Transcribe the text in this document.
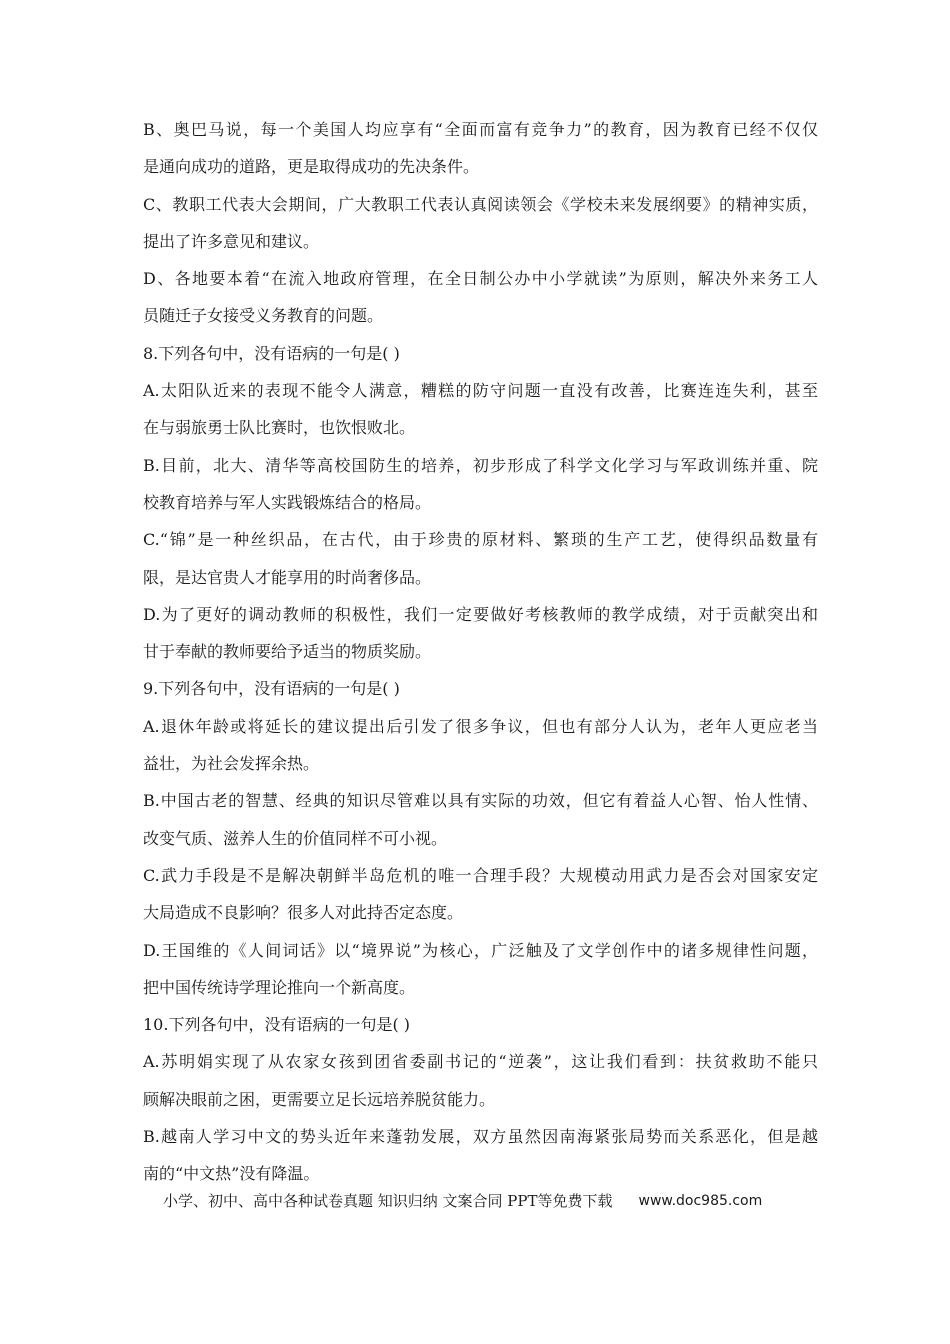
B、奥巴马说，每一个美国人均应享有“全面而富有竞争力”的教育，因为教育已经不仅仅
是通向成功的道路，更是取得成功的先决条件。
C、教职工代表大会期间，广大教职工代表认真阅读领会《学校未来发展纲要》的精神实质，
提出了许多意见和建议。
D、各地要本着“在流入地政府管理，在全日制公办中小学就读”为原则，解决外来务工人
员随迁子女接受义务教育的问题。
8.下列各句中，没有语病的一句是( )
A.太阳队近来的表现不能令人满意，糟糕的防守问题一直没有改善，比赛连连失利，甚至
在与弱旅勇士队比赛时，也饮恨败北。
B.目前，北大、清华等高校国防生的培养，初步形成了科学文化学习与军政训练并重、院
校教育培养与军人实践锻炼结合的格局。
C.“锦”是一种丝织品，在古代，由于珍贵的原材料、繁琐的生产工艺，使得织品数量有
限，是达官贵人才能享用的时尚奢侈品。
D.为了更好的调动教师的积极性，我们一定要做好考核教师的教学成绩，对于贡献突出和
甘于奉献的教师要给予适当的物质奖励。
9.下列各句中，没有语病的一句是( )
A.退休年龄或将延长的建议提出后引发了很多争议，但也有部分人认为，老年人更应老当
益壮，为社会发挥余热。
B.中国古老的智慧、经典的知识尽管难以具有实际的功效，但它有着益人心智、怡人性情、
改变气质、滋养人生的价值同样不可小视。
C.武力手段是不是解决朝鲜半岛危机的唯一合理手段？大规模动用武力是否会对国家安定
大局造成不良影响？很多人对此持否定态度。
D.王国维的《人间词话》以“境界说”为核心，广泛触及了文学创作中的诸多规律性问题，
把中国传统诗学理论推向一个新高度。
10.下列各句中，没有语病的一句是( )
A.苏明娟实现了从农家女孩到团省委副书记的“逆袭”，这让我们看到：扶贫救助不能只
顾解决眼前之困，更需要立足长远培养脱贫能力。
B.越南人学习中文的势头近年来蓬勃发展，双方虽然因南海紧张局势而关系恶化，但是越
南的“中文热”没有降温。
小学、初中、高中各种试卷真题 知识归纳 文案合同 PPT等免费下载 www.doc985.com
